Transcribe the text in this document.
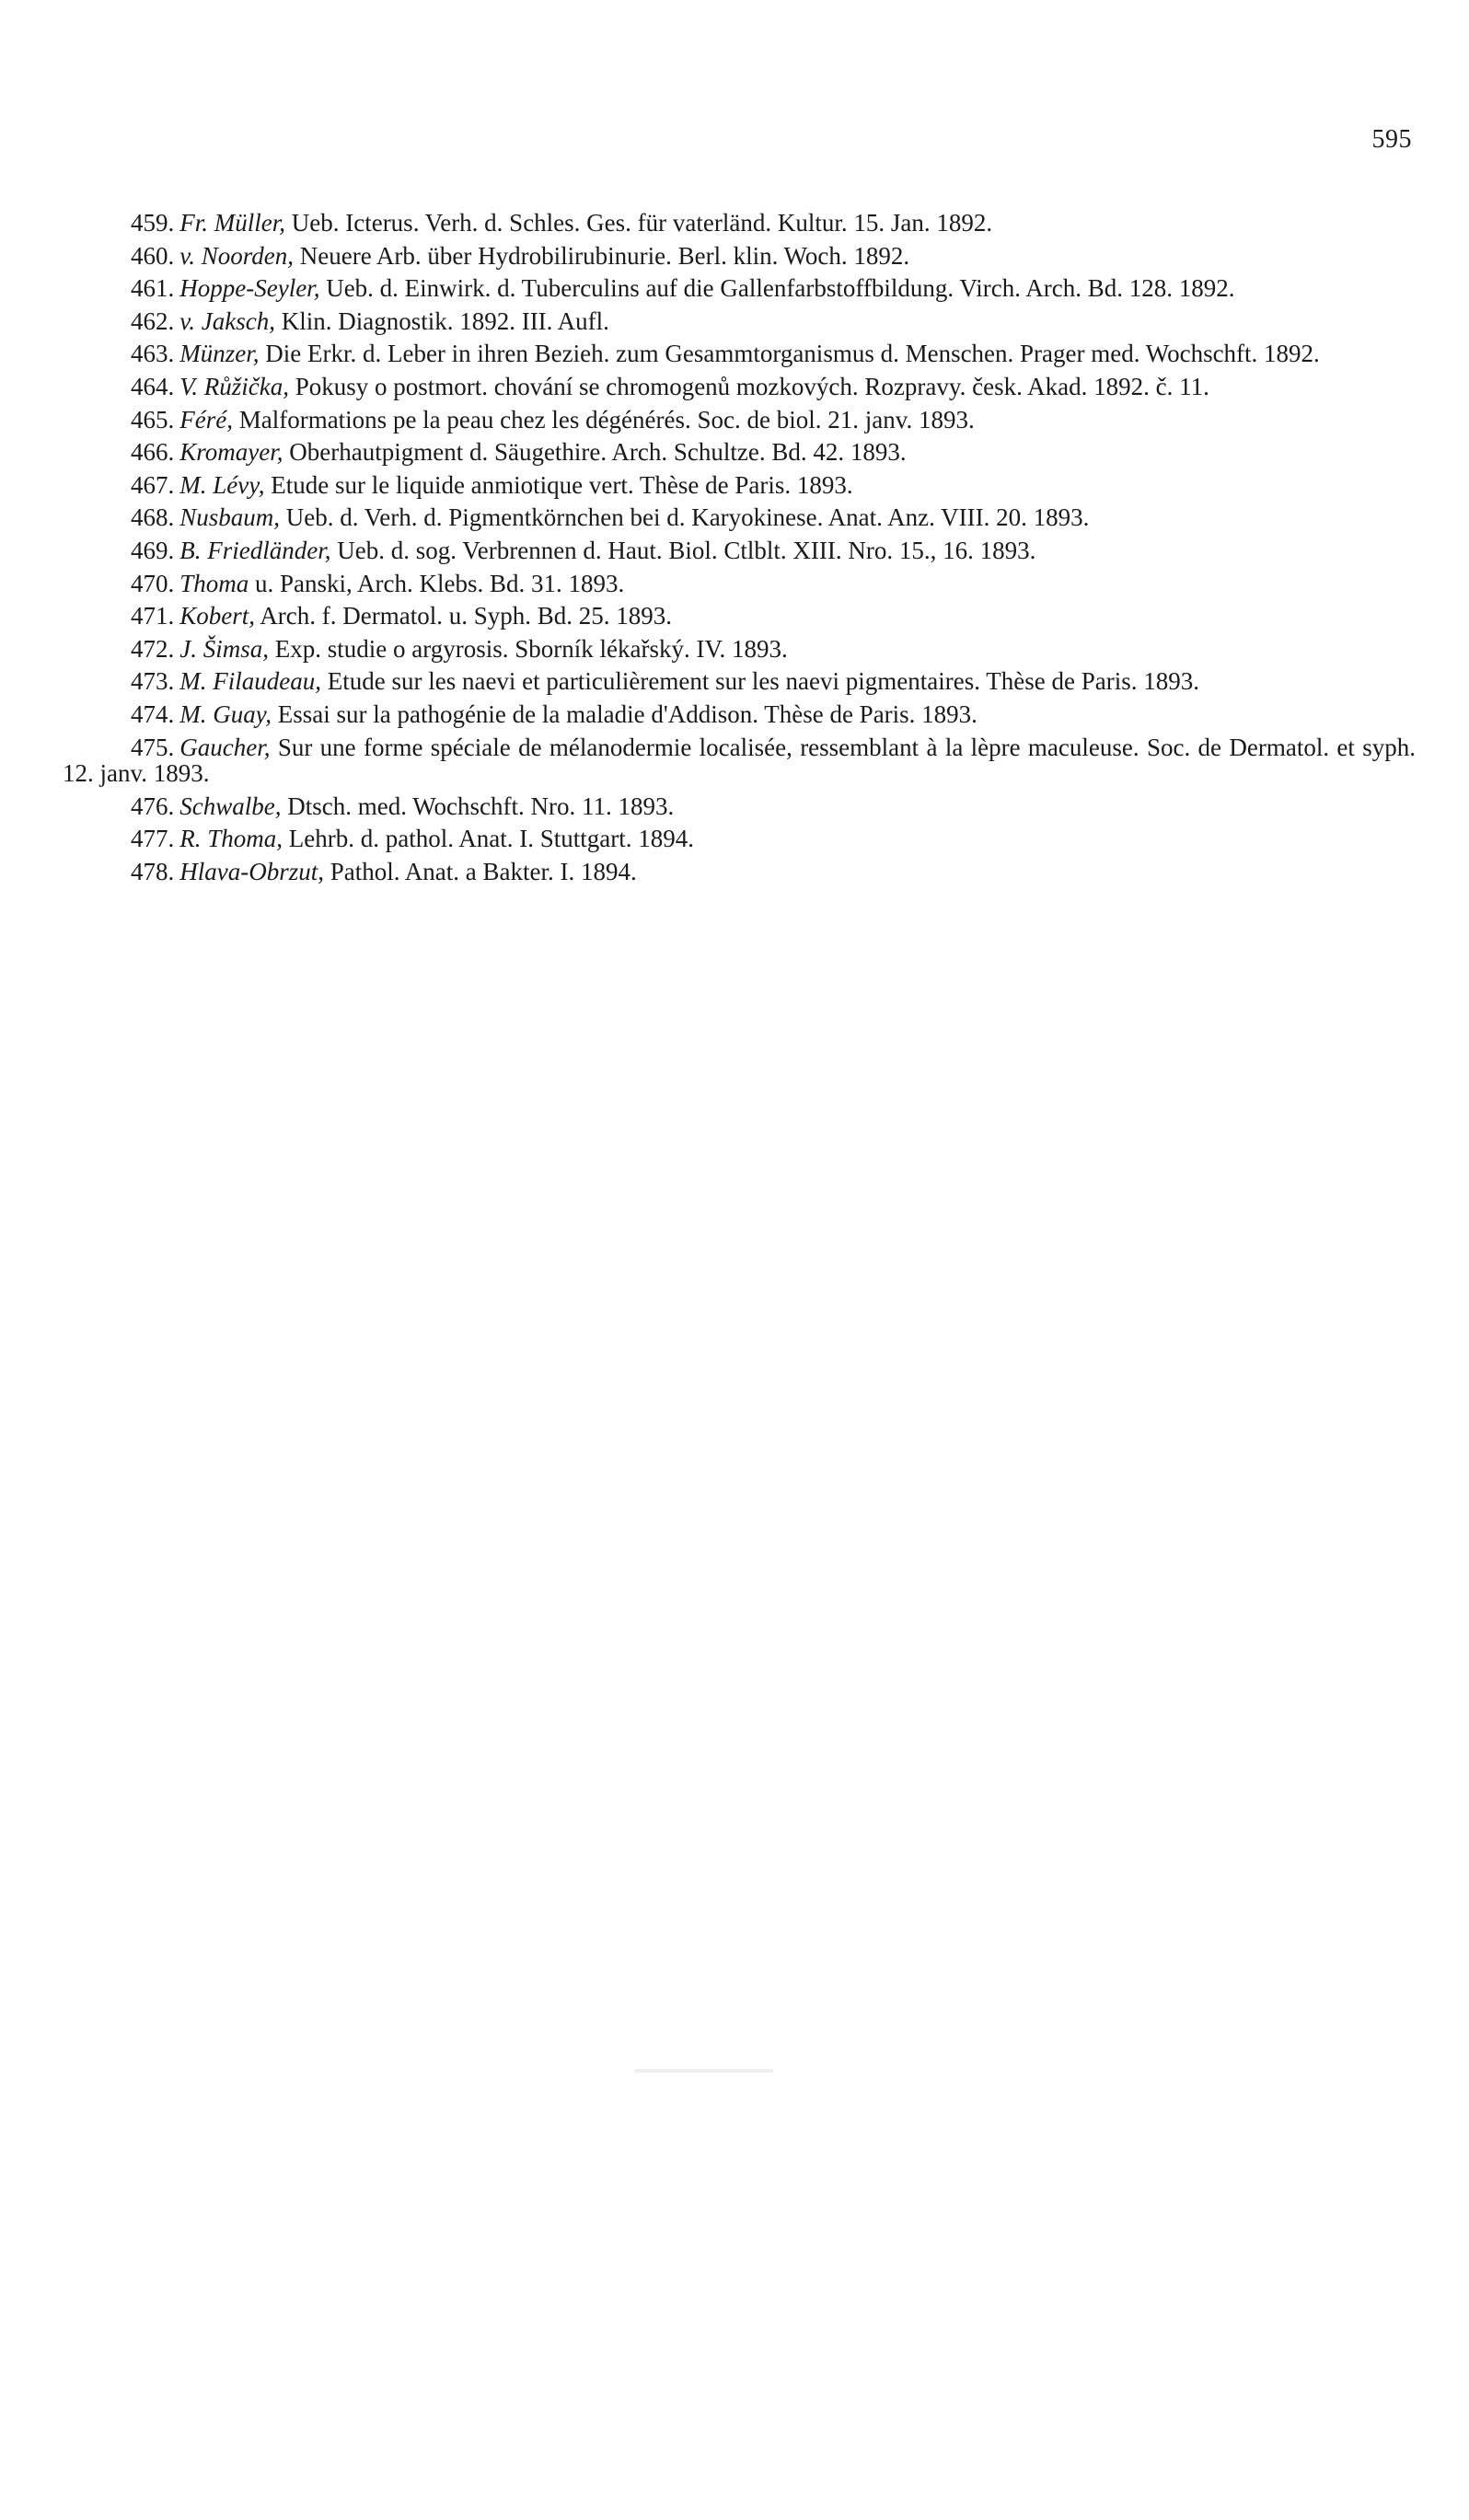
595
459. Fr. Müller, Ueb. Icterus. Verh. d. Schles. Ges. für vaterländ. Kultur. 15. Jan. 1892.
460. v. Noorden, Neuere Arb. über Hydrobilirubinurie. Berl. klin. Woch. 1892.
461. Hoppe-Seyler, Ueb. d. Einwirk. d. Tuberculins auf die Gallenfarbstoffbildung. Virch. Arch. Bd. 128. 1892.
462. v. Jaksch, Klin. Diagnostik. 1892. III. Aufl.
463. Münzer, Die Erkr. d. Leber in ihren Bezieh. zum Gesammtorganismus d. Menschen. Prager med. Wochschft. 1892.
464. V. Růžička, Pokusy o postmort. chování se chromogenů mozkových. Rozpravy. česk. Akad. 1892. č. 11.
465. Féré, Malformations pe la peau chez les dégénérés. Soc. de biol. 21. janv. 1893.
466. Kromayer, Oberhautpigment d. Säugethire. Arch. Schultze. Bd. 42. 1893.
467. M. Lévy, Etude sur le liquide anmiotique vert. Thèse de Paris. 1893.
468. Nusbaum, Ueb. d. Verh. d. Pigmentkörnchen bei d. Karyokinese. Anat. Anz. VIII. 20. 1893.
469. B. Friedländer, Ueb. d. sog. Verbrennen d. Haut. Biol. Ctlblt. XIII. Nro. 15., 16. 1893.
470. Thoma u. Panski, Arch. Klebs. Bd. 31. 1893.
471. Kobert, Arch. f. Dermatol. u. Syph. Bd. 25. 1893.
472. J. Šimsa, Exp. studie o argyrosis. Sborník lékařský. IV. 1893.
473. M. Filaudeau, Etude sur les naevi et particulièrement sur les naevi pigmentaires. Thèse de Paris. 1893.
474. M. Guay, Essai sur la pathogénie de la maladie d'Addison. Thèse de Paris. 1893.
475. Gaucher, Sur une forme spéciale de mélanodermie localisée, ressemblant à la lèpre maculeuse. Soc. de Dermatol. et syph. 12. janv. 1893.
476. Schwalbe, Dtsch. med. Wochschft. Nro. 11. 1893.
477. R. Thoma, Lehrb. d. pathol. Anat. I. Stuttgart. 1894.
478. Hlava-Obrzut, Pathol. Anat. a Bakter. I. 1894.
